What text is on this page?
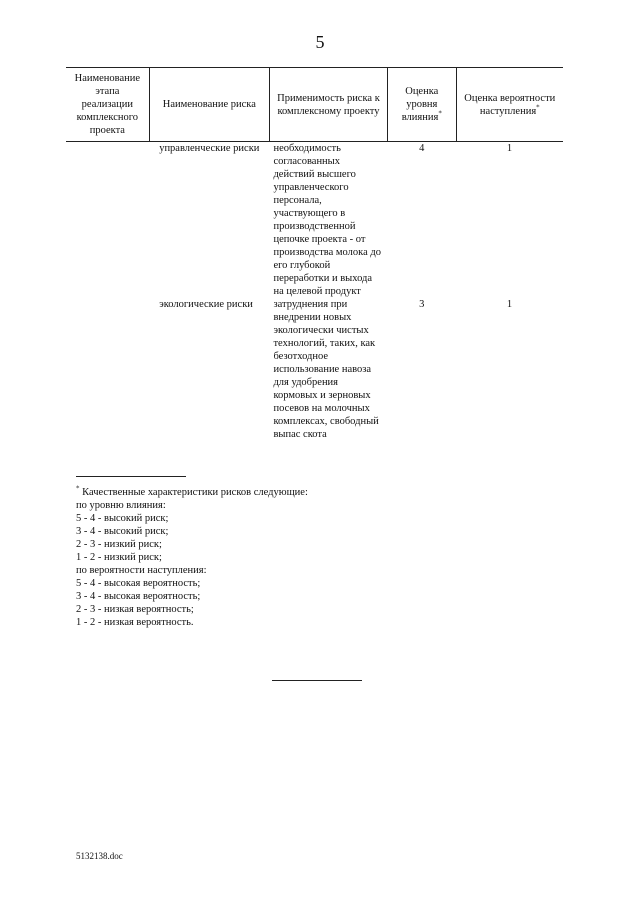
5
Наименование этапа реализации комплексного проекта	Наименование риска	Применимость риска к комплексному проекту	Оценка уровня влияния*	Оценка вероятности наступления*
	управленческие риски	необходимость согласованных действий высшего управленческого персонала, участвующего в производственной цепочке проекта - от производства молока до его глубокой переработки и выхода на целевой продукт	4	1
	экологические риски	затруднения при внедрении новых экологически чистых технологий, таких, как безотходное использование навоза для удобрения кормовых и зерновых посевов на молочных комплексах, свободный выпас скота	3	1
* Качественные характеристики рисков следующие:
по уровню влияния:
5 - 4 - высокий риск;
3 - 4 - высокий риск;
2 - 3 - низкий риск;
1 - 2 - низкий риск;
по вероятности наступления:
5 - 4 - высокая вероятность;
3 - 4 - высокая вероятность;
2 - 3 - низкая вероятность;
1 - 2 - низкая вероятность.
5132138.doc
